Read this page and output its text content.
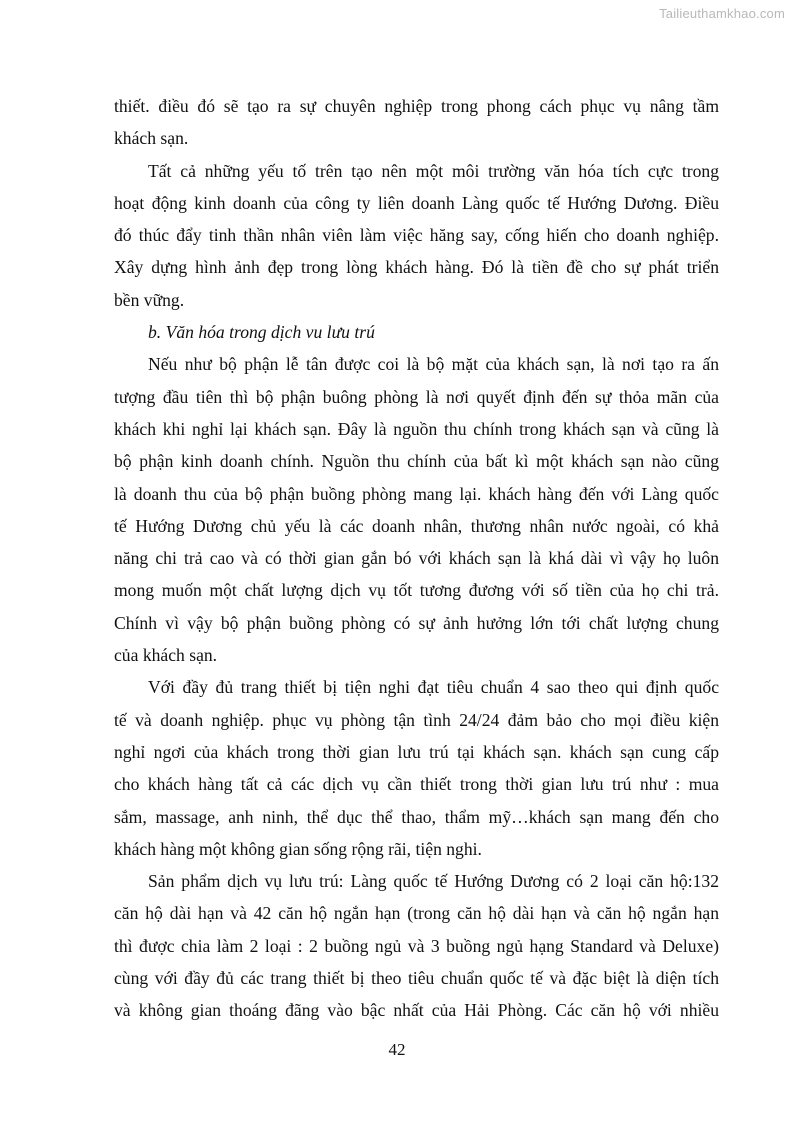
Tailieuthamkhao.com
thiết. điều đó sẽ tạo ra sự chuyên nghiệp trong phong cách phục vụ nâng tầm
khách sạn.
Tất cả những yếu tố trên tạo nên một môi trường văn hóa tích cực trong
hoạt động kinh doanh của công ty liên doanh Làng quốc tế Hướng Dương. Điều
đó thúc đẩy tinh thần nhân viên làm việc hăng say, cống hiến cho doanh nghiệp.
Xây dựng hình ảnh đẹp trong lòng khách hàng. Đó là tiền đề cho sự phát triển
bền vững.
b. Văn hóa trong dịch vu lưu trú
Nếu như bộ phận lễ tân được coi là bộ mặt của khách sạn, là nơi tạo ra ấn
tượng đầu tiên thì bộ phận buông phòng là nơi quyết định đến sự thỏa mãn của
khách khi nghỉ lại khách sạn. Đây là nguồn thu chính trong khách sạn và cũng là
bộ phận kinh doanh chính. Nguồn thu chính của bất kì một khách sạn nào cũng
là doanh thu của bộ phận buồng phòng mang lại. khách hàng đến với Làng quốc
tế Hướng Dương chủ yếu là các doanh nhân, thương nhân nước ngoài, có khả
năng chi trả cao và có thời gian gắn bó với khách sạn là khá dài vì vậy họ luôn
mong muốn một chất lượng dịch vụ tốt tương đương với số tiền của họ chi trả.
Chính vì vậy bộ phận buồng phòng có sự ảnh hưởng lớn tới chất lượng chung
của khách sạn.
Với đầy đủ trang thiết bị tiện nghi đạt tiêu chuẩn 4 sao theo qui định quốc
tế và doanh nghiệp. phục vụ phòng tận tình 24/24 đảm bảo cho mọi điều kiện
nghỉ ngơi của khách trong thời gian lưu trú tại khách sạn. khách sạn cung cấp
cho khách hàng tất cả các dịch vụ cần thiết trong thời gian lưu trú như : mua
sắm, massage, anh ninh, thể dục thể thao, thẩm mỹ…khách sạn mang đến cho
khách hàng một không gian sống rộng rãi, tiện nghi.
Sản phẩm dịch vụ lưu trú: Làng quốc tế Hướng Dương có 2 loại căn hộ:132
căn hộ dài hạn và 42 căn hộ ngắn hạn (trong căn hộ dài hạn và căn hộ ngắn hạn
thì được chia làm 2 loại : 2 buồng ngủ và 3 buồng ngủ hạng Standard và Deluxe)
cùng với đầy đủ các trang thiết bị theo tiêu chuẩn quốc tế và đặc biệt là diện tích
và không gian thoáng đãng vào bậc nhất của Hải Phòng. Các căn hộ với nhiều
42
